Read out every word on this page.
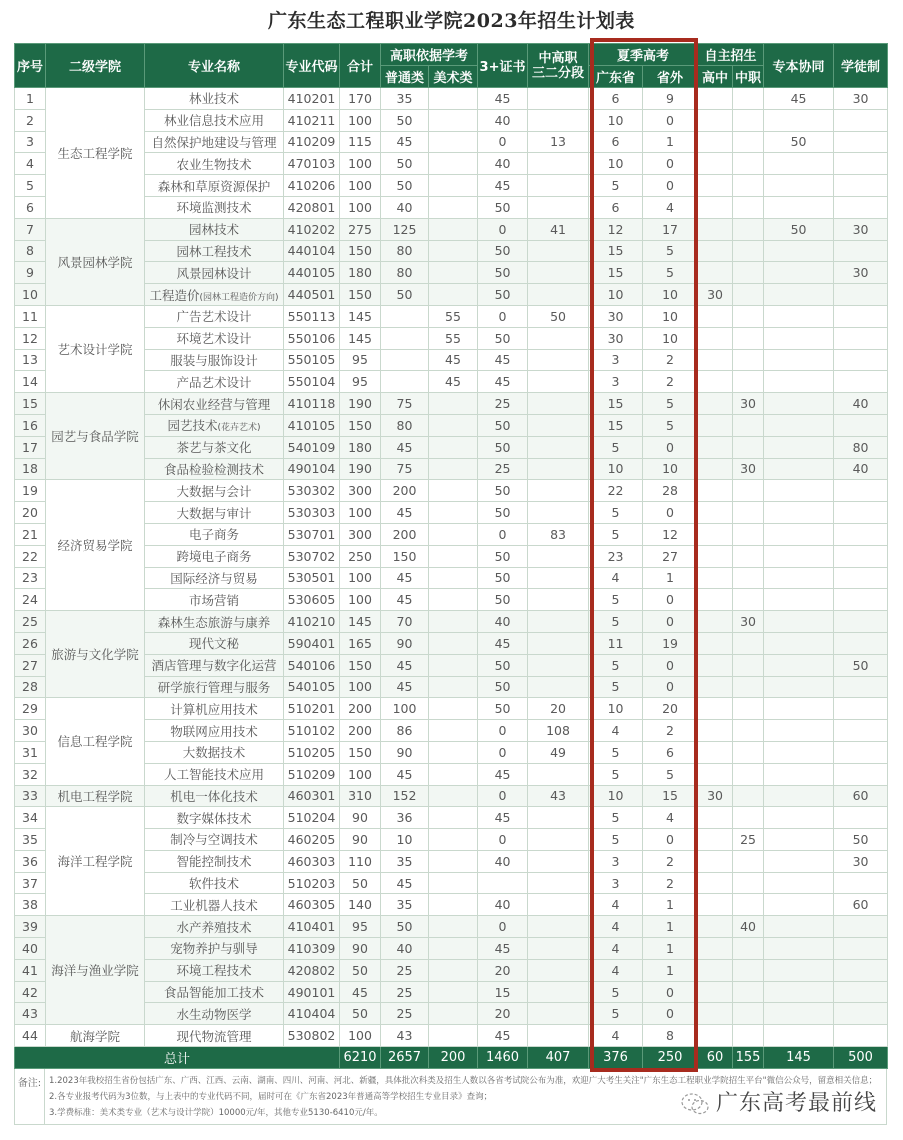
广东生态工程职业学院2023年招生计划表
序号	二级学院	专业名称	专业代码	合计	高职依据学考		3+证书	中高职
三二分段	夏季高考		自主招生		专本协同	学徒制
					普通类	美术类			广东省	省外	高中	中职		
1	生态工程学院	林业技术	410201	170	35		45		6	9			45	30
2		林业信息技术应用	410211	100	50		40		10	0				
3		自然保护地建设与管理	410209	115	45		0	13	6	1			50	
4		农业生物技术	470103	100	50		40		10	0				
5		森林和草原资源保护	410206	100	50		45		5	0				
6		环境监测技术	420801	100	40		50		6	4				
7	风景园林学院	园林技术	410202	275	125		0	41	12	17			50	30
8		园林工程技术	440104	150	80		50		15	5				
9		风景园林设计	440105	180	80		50		15	5				30
10		工程造价(园林工程造价方向)	440501	150	50		50		10	10	30			
11	艺术设计学院	广告艺术设计	550113	145		55	0	50	30	10				
12		环境艺术设计	550106	145		55	50		30	10				
13		服装与服饰设计	550105	95		45	45		3	2				
14		产品艺术设计	550104	95		45	45		3	2				
15	园艺与食品学院	休闲农业经营与管理	410118	190	75		25		15	5		30		40
16		园艺技术(花卉艺术)	410105	150	80		50		15	5				
17		茶艺与茶文化	540109	180	45		50		5	0				80
18		食品检验检测技术	490104	190	75		25		10	10		30		40
19	经济贸易学院	大数据与会计	530302	300	200		50		22	28				
20		大数据与审计	530303	100	45		50		5	0				
21		电子商务	530701	300	200		0	83	5	12				
22		跨境电子商务	530702	250	150		50		23	27				
23		国际经济与贸易	530501	100	45		50		4	1				
24		市场营销	530605	100	45		50		5	0				
25	旅游与文化学院	森林生态旅游与康养	410210	145	70		40		5	0		30		
26		现代文秘	590401	165	90		45		11	19				
27		酒店管理与数字化运营	540106	150	45		50		5	0				50
28		研学旅行管理与服务	540105	100	45		50		5	0				
29	信息工程学院	计算机应用技术	510201	200	100		50	20	10	20				
30		物联网应用技术	510102	200	86		0	108	4	2				
31		大数据技术	510205	150	90		0	49	5	6				
32		人工智能技术应用	510209	100	45		45		5	5				
33	机电工程学院	机电一体化技术	460301	310	152		0	43	10	15	30			60
34	海洋工程学院	数字媒体技术	510204	90	36		45		5	4				
35		制冷与空调技术	460205	90	10		0		5	0		25		50
36		智能控制技术	460303	110	35		40		3	2				30
37		软件技术	510203	50	45				3	2				
38		工业机器人技术	460305	140	35		40		4	1				60
39	海洋与渔业学院	水产养殖技术	410401	95	50		0		4	1		40		
40		宠物养护与驯导	410309	90	40		45		4	1				
41		环境工程技术	420802	50	25		20		4	1				
42		食品智能加工技术	490101	45	25		15		5	0				
43		水生动物医学	410404	50	25		20		5	0				
44	航海学院	现代物流管理	530802	100	43		45		4	8				
总计				6210	2657	200	1460	407	376	250	60	155	145	500
备注: 1.2023年我校招生省份包括广东、广西、江西、云南、湖南、四川、河南、河北、新疆，具体批次科类及招生人数以各省考试院公布为准，欢迎广大考生关注"广东生态工程职业学院招生平台"微信公众号，留意相关信息；
2.各专业报考代码为3位数，与上表中的专业代码不同，届时可在《广东省2023年普通高等学校招生专业目录》查询；
3.学费标准：美术类专业（艺术与设计学院）10000元/年，其他专业5130-6410元/年。	广东高考最前线
